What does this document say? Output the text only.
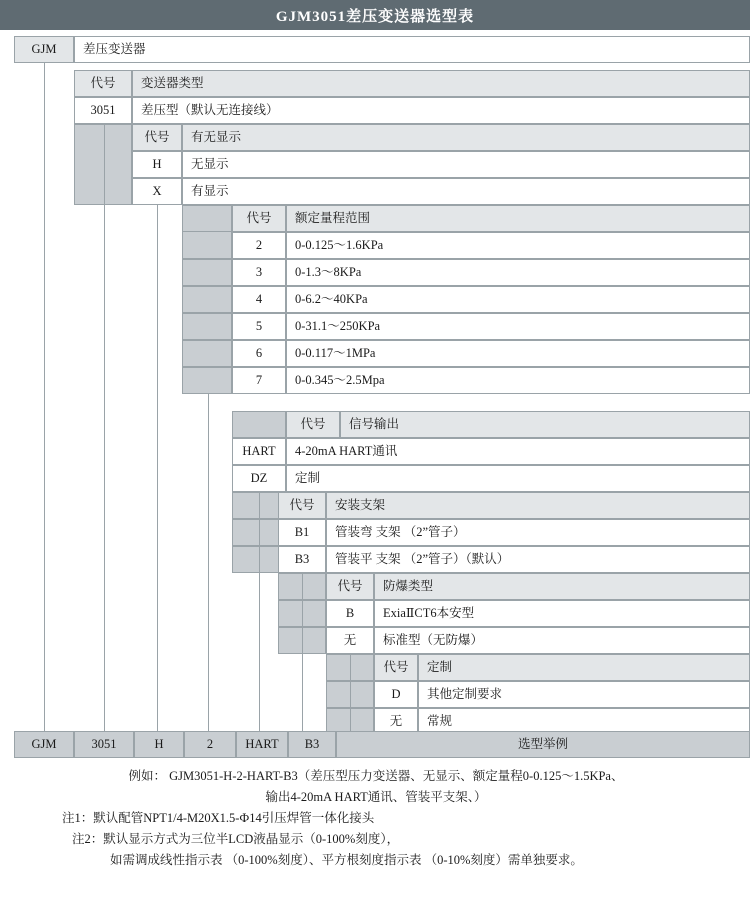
GJM3051差压变送器选型表
GJM	差压变送器
代号	变送器类型
3051	差压型（默认无连接线）
代号	有无显示
H	无显示
X	有显示
代号	额定量程范围
2	0-0.125～1.6KPa
3	0-1.3～8KPa
4	0-6.2～40KPa
5	0-31.1～250KPa
6	0-0.117～1MPa
7	0-0.345～2.5Mpa
代号	信号输出
HART	4-20mA HART通讯
DZ	定制
代号	安装支架
B1	管装弯 支架 （2”管子）
B3	管装平 支架 （2”管子）（默认）
代号	防爆类型
B	ExiaⅡCT6本安型
无	标准型（无防爆）
代号	定制
D	其他定制要求
无	常规
GJM	3051	H	2	HART	B3	选型举例
例如： GJM3051-H-2-HART-B3（差压型压力变送器、无显示、额定量程0-0.125～1.5KPa、
输出4-20mA HART通讯、管装平支架、）
注1：默认配管NPT1/4-M20X1.5-Ф14引压焊管一体化接头
注2：默认显示方式为三位半LCD液晶显示（0-100%刻度），
如需调成线性指示表 （0-100%刻度）、平方根刻度指示表 （0-10%刻度）需单独要求。
